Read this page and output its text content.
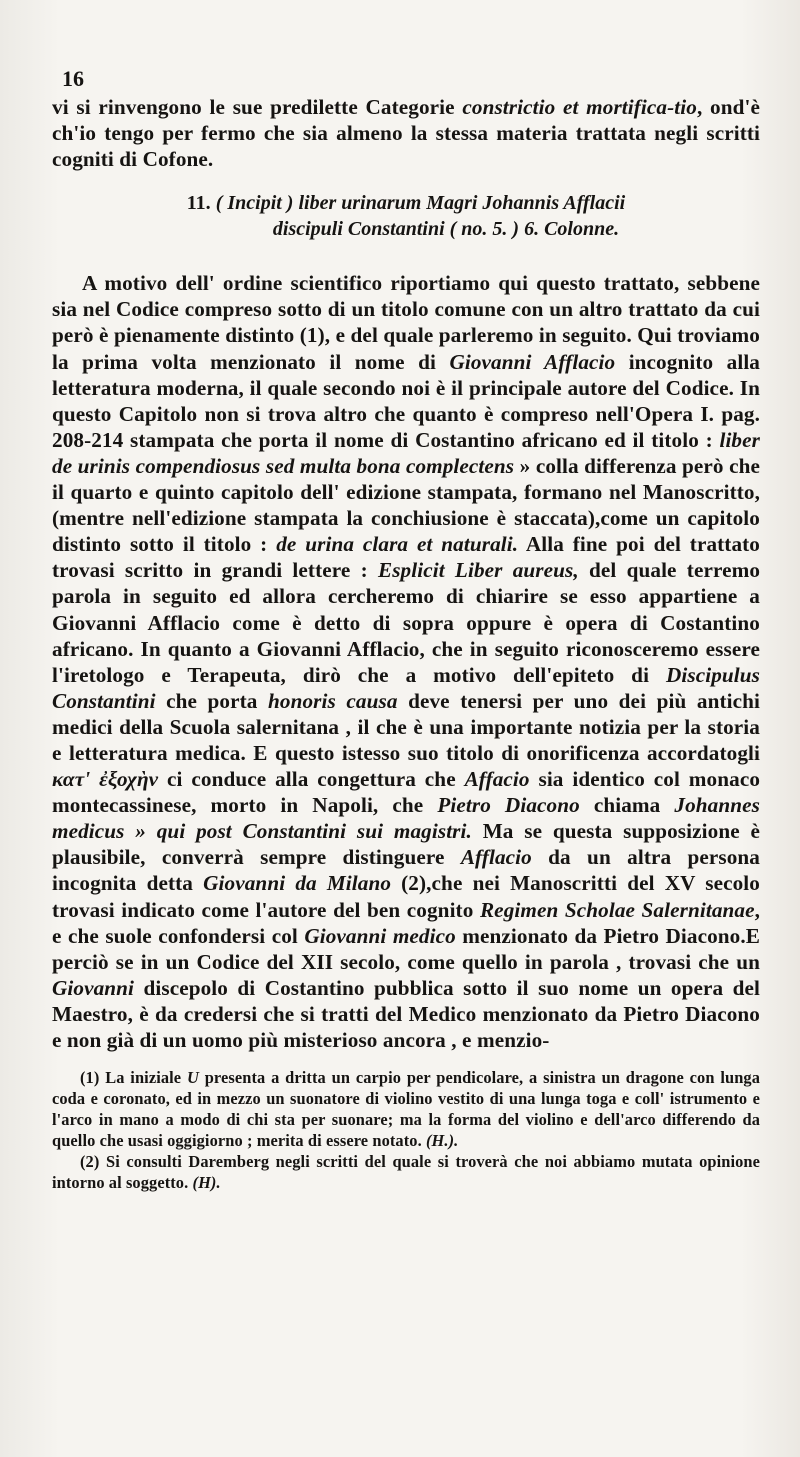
16

vi si rinvengono le sue predilette Categorie constrictio et mortifica-tio, ond'è ch'io tengo per fermo che sia almeno la stessa materia trattata negli scritti cogniti di Cofone.

11. ( Incipit ) liber urinarum Magri Johannis Afflacii
discipuli Constantini ( no. 5. ) 6. Colonne.

A motivo dell' ordine scientifico riportiamo qui questo trattato, sebbene sia nel Codice compreso sotto di un titolo comune con un altro trattato da cui però è pienamente distinto (1), e del quale parleremo in seguito. Qui troviamo la prima volta menzionato il nome di Giovanni Afflacio incognito alla letteratura moderna, il quale secondo noi è il principale autore del Codice. In questo Capitolo non si trova altro che quanto è compreso nell'Opera I. pag. 208-214 stampata che porta il nome di Costantino africano ed il titolo : liber de urinis compendiosus sed multa bona complectens » colla differenza però che il quarto e quinto capitolo dell' edizione stampata, formano nel Manoscritto,(mentre nell'edizione stampata la conchiusione è staccata),come un capitolo distinto sotto il titolo : de urina clara et naturali. Alla fine poi del trattato trovasi scritto in grandi lettere : Esplicit Liber aureus, del quale terremo parola in seguito ed allora cercheremo di chiarire se esso appartiene a Giovanni Afflacio come è detto di sopra oppure è opera di Costantino africano. In quanto a Giovanni Afflacio, che in seguito riconosceremo essere l'iretologo e Terapeuta, dirò che a motivo dell'epiteto di Discipulus Constantini che porta honoris causa deve tenersi per uno dei più antichi medici della Scuola salernitana , il che è una importante notizia per la storia e letteratura medica. E questo istesso suo titolo di onorificenza accordatogli κατ' ἐξοχὴν ci conduce alla congettura che Affacio sia identico col monaco montecassinese, morto in Napoli, che Pietro Diacono chiama Johannes medicus » qui post Constantini sui magistri. Ma se questa supposizione è plausibile, converrà sempre distinguere Afflacio da un altra persona incognita detta Giovanni da Milano (2),che nei Manoscritti del XV secolo trovasi indicato come l'autore del ben cognito Regimen Scholae Salernitanae, e che suole confondersi col Giovanni medico menzionato da Pietro Diacono.E perciò se in un Codice del XII secolo, come quello in parola , trovasi che un Giovanni discepolo di Costantino pubblica sotto il suo nome un opera del Maestro, è da credersi che si tratti del Medico menzionato da Pietro Diacono e non già di un uomo più misterioso ancora , e menzio-

(1) La iniziale U presenta a dritta un carpio per pendicolare, a sinistra un dragone con lunga coda e coronato, ed in mezzo un suonatore di violino vestito di una lunga toga e coll' istrumento e l'arco in mano a modo di chi sta per suonare; ma la forma del violino e dell'arco differendo da quello che usasi oggigiorno ; merita di essere notato. (H.).

(2) Si consulti Daremberg negli scritti del quale si troverà che noi abbiamo mutata opinione intorno al soggetto. (H).
